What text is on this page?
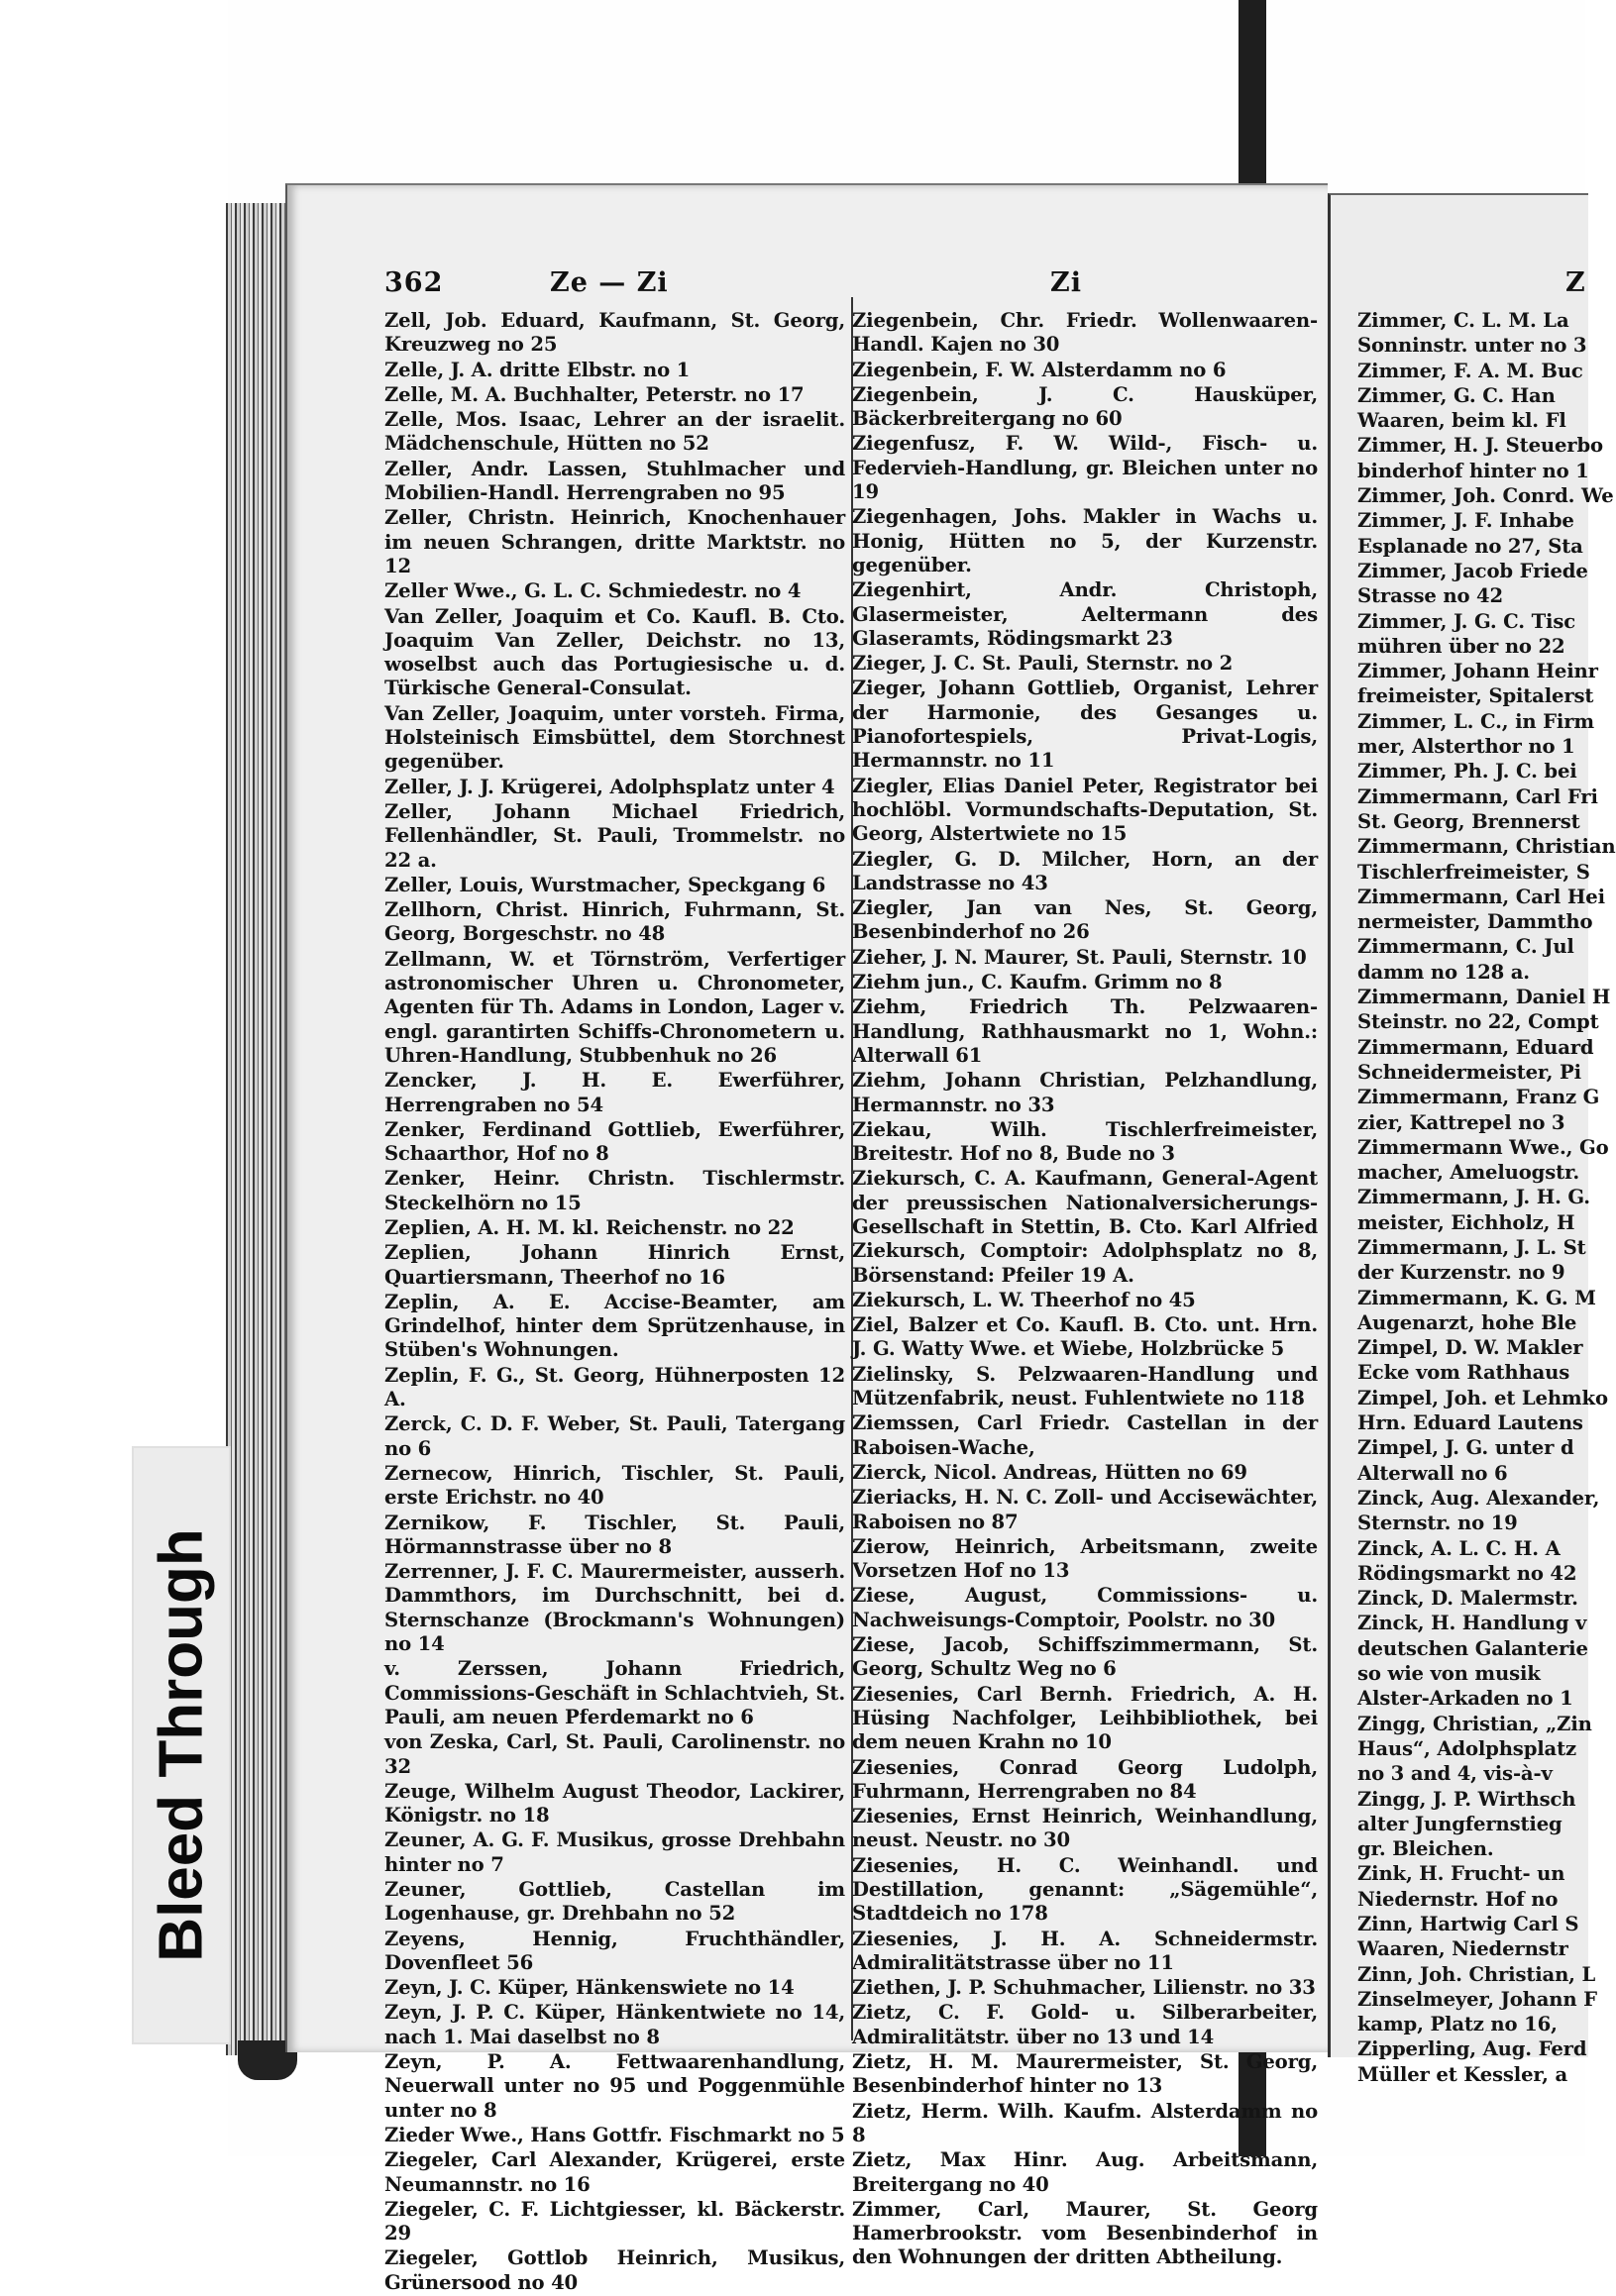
362	Ze — Zi	Zi	Z
Zell, Job. Eduard, Kaufmann, St. Georg, Kreuzweg no 25
Zelle, J. A. dritte Elbstr. no 1
Zelle, M. A. Buchhalter, Peterstr. no 17
Zelle, Mos. Isaac, Lehrer an der israelit. Mädchenschule, Hütten no 52
Zeller, Andr. Lassen, Stuhlmacher und Mobilien-Handl. Herrengraben no 95
Zeller, Christn. Heinrich, Knochenhauer im neuen Schrangen, dritte Marktstr. no 12
Zeller Wwe., G. L. C. Schmiedestr. no 4
Van Zeller, Joaquim et Co. Kaufl. B. Cto. Joaquim Van Zeller, Deichstr. no 13, woselbst auch das Portugiesische u. d. Türkische General-Consulat.
Van Zeller, Joaquim, unter vorsteh. Firma, Holsteinisch Eimsbüttel, dem Storchnest gegenüber.
Zeller, J. J. Krügerei, Adolphsplatz unter 4
Zeller, Johann Michael Friedrich, Fellenhändler, St. Pauli, Trommelstr. no 22 a.
Zeller, Louis, Wurstmacher, Speckgang 6
Zellhorn, Christ. Hinrich, Fuhrmann, St. Georg, Borgeschstr. no 48
Zellmann, W. et Törnström, Verfertiger astronomischer Uhren u. Chronometer, Agenten für Th. Adams in London, Lager v. engl. garantirten Schiffs-Chronometern u. Uhren-Handlung, Stubbenhuk no 26
Zencker, J. H. E. Ewerführer, Herrengraben no 54
Zenker, Ferdinand Gottlieb, Ewerführer, Schaarthor, Hof no 8
Zenker, Heinr. Christn. Tischlermstr. Steckelhörn no 15
Zeplien, A. H. M. kl. Reichenstr. no 22
Zeplien, Johann Hinrich Ernst, Quartiersmann, Theerhof no 16
Zeplin, A. E. Accise-Beamter, am Grindelhof, hinter dem Sprützenhause, in Stüben's Wohnungen.
Zeplin, F. G., St. Georg, Hühnerposten 12 A.
Zerck, C. D. F. Weber, St. Pauli, Tatergang no 6
Zernecow, Hinrich, Tischler, St. Pauli, erste Erichstr. no 40
Zernikow, F. Tischler, St. Pauli, Hörmannstrasse über no 8
Zerrenner, J. F. C. Maurermeister, ausserh. Dammthors, im Durchschnitt, bei d. Sternschanze (Brockmann's Wohnungen) no 14
v. Zerssen, Johann Friedrich, Commissions-Geschäft in Schlachtvieh, St. Pauli, am neuen Pferdemarkt no 6
von Zeska, Carl, St. Pauli, Carolinenstr. no 32
Zeuge, Wilhelm August Theodor, Lackirer, Königstr. no 18
Zeuner, A. G. F. Musikus, grosse Drehbahn hinter no 7
Zeuner, Gottlieb, Castellan im Logenhause, gr. Drehbahn no 52
Zeyens, Hennig, Fruchthändler, Dovenfleet 56
Zeyn, J. C. Küper, Hänkenswiete no 14
Zeyn, J. P. C. Küper, Hänkentwiete no 14, nach 1. Mai daselbst no 8
Zeyn, P. A. Fettwaarenhandlung, Neuerwall unter no 95 und Poggenmühle unter no 8
Zieder Wwe., Hans Gottfr. Fischmarkt no 5
Ziegeler, Carl Alexander, Krügerei, erste Neumannstr. no 16
Ziegeler, C. F. Lichtgiesser, kl. Bäckerstr. 29
Ziegeler, Gottlob Heinrich, Musikus, Grünersood no 40
Ziegenbein, Chr. Friedr. Wollenwaaren-Handl. Kajen no 30
Ziegenbein, F. W. Alsterdamm no 6
Ziegenbein, J. C. Hausküper, Bäckerbreitergang no 60
Ziegenfusz, F. W. Wild-, Fisch- u. Federvieh-Handlung, gr. Bleichen unter no 19
Ziegenhagen, Johs. Makler in Wachs u. Honig, Hütten no 5, der Kurzenstr. gegenüber.
Ziegenhirt, Andr. Christoph, Glasermeister, Aeltermann des Glaseramts, Rödingsmarkt 23
Zieger, J. C. St. Pauli, Sternstr. no 2
Zieger, Johann Gottlieb, Organist, Lehrer der Harmonie, des Gesanges u. Pianofortespiels, Privat-Logis, Hermannstr. no 11
Ziegler, Elias Daniel Peter, Registrator bei hochlöbl. Vormundschafts-Deputation, St. Georg, Alstertwiete no 15
Ziegler, G. D. Milcher, Horn, an der Landstrasse no 43
Ziegler, Jan van Nes, St. Georg, Besenbinderhof no 26
Zieher, J. N. Maurer, St. Pauli, Sternstr. 10
Ziehm jun., C. Kaufm. Grimm no 8
Ziehm, Friedrich Th. Pelzwaaren-Handlung, Rathhausmarkt no 1, Wohn.: Alterwall 61
Ziehm, Johann Christian, Pelzhandlung, Hermannstr. no 33
Ziekau, Wilh. Tischlerfreimeister, Breitestr. Hof no 8, Bude no 3
Ziekursch, C. A. Kaufmann, General-Agent der preussischen Nationalversicherungs-Gesellschaft in Stettin, B. Cto. Karl Alfried Ziekursch, Comptoir: Adolphsplatz no 8, Börsenstand: Pfeiler 19 A.
Ziekursch, L. W. Theerhof no 45
Ziel, Balzer et Co. Kaufl. B. Cto. unt. Hrn. J. G. Watty Wwe. et Wiebe, Holzbrücke 5
Zielinsky, S. Pelzwaaren-Handlung und Mützenfabrik, neust. Fuhlentwiete no 118
Ziemssen, Carl Friedr. Castellan in der Raboisen-Wache,
Zierck, Nicol. Andreas, Hütten no 69
Zieriacks, H. N. C. Zoll- und Accisewächter, Raboisen no 87
Zierow, Heinrich, Arbeitsmann, zweite Vorsetzen Hof no 13
Ziese, August, Commissions- u. Nachweisungs-Comptoir, Poolstr. no 30
Ziese, Jacob, Schiffszimmermann, St. Georg, Schultz Weg no 6
Ziesenies, Carl Bernh. Friedrich, A. H. Hüsing Nachfolger, Leihbibliothek, bei dem neuen Krahn no 10
Ziesenies, Conrad Georg Ludolph, Fuhrmann, Herrengraben no 84
Ziesenies, Ernst Heinrich, Weinhandlung, neust. Neustr. no 30
Ziesenies, H. C. Weinhandl. und Destillation, genannt: „Sägemühle“, Stadtdeich no 178
Ziesenies, J. H. A. Schneidermstr. Admiralitätstrasse über no 11
Ziethen, J. P. Schuhmacher, Lilienstr. no 33
Zietz, C. F. Gold- u. Silberarbeiter, Admiralitätstr. über no 13 und 14
Zietz, H. M. Maurermeister, St. Georg, Besenbinderhof hinter no 13
Zietz, Herm. Wilh. Kaufm. Alsterdamm no 8
Zietz, Max Hinr. Aug. Arbeitsmann, Breitergang no 40
Zimmer, Carl, Maurer, St. Georg Hamerbrookstr. vom Besenbinderhof in den Wohnungen der dritten Abtheilung.
Zimmer, C. L. M. La
Sonninstr. unter no 3
Zimmer, F. A. M. Buc
Zimmer, G. C. Han
Waaren, beim kl. Fl
Zimmer, H. J. Steuerbo
binderhof hinter no 1
Zimmer, Joh. Conrd. We
Zimmer, J. F. Inhabe
Esplanade no 27, Sta
Zimmer, Jacob Friede
Strasse no 42
Zimmer, J. G. C. Tisc
mühren über no 22
Zimmer, Johann Heinr
freimeister, Spitalerst
Zimmer, L. C., in Firm
mer, Alsterthor no 1
Zimmer, Ph. J. C. bei
Zimmermann, Carl Fri
St. Georg, Brennerst
Zimmermann, Christian
Tischlerfreimeister, S
Zimmermann, Carl Hei
nermeister, Dammtho
Zimmermann, C. Jul
damm no 128 a.
Zimmermann, Daniel H
Steinstr. no 22, Compt
Zimmermann, Eduard
Schneidermeister, Pi
Zimmermann, Franz G
zier, Kattrepel no 3
Zimmermann Wwe., Go
macher, Ameluogstr.
Zimmermann, J. H. G.
meister, Eichholz, H
Zimmermann, J. L. St
der Kurzenstr. no 9
Zimmermann, K. G. M
Augenarzt, hohe Ble
Zimpel, D. W. Makler
Ecke vom Rathhaus
Zimpel, Joh. et Lehmko
Hrn. Eduard Lautens
Zimpel, J. G. unter d
Alterwall no 6
Zinck, Aug. Alexander,
Sternstr. no 19
Zinck, A. L. C. H. A
Rödingsmarkt no 42
Zinck, D. Malermstr.
Zinck, H. Handlung v
deutschen Galanterie
so wie von musik
Alster-Arkaden no 1
Zingg, Christian, „Zin
Haus“, Adolphsplatz
no 3 and 4, vis-à-v
Zingg, J. P. Wirthsch
alter Jungfernstieg
gr. Bleichen.
Zink, H. Frucht- un
Niedernstr. Hof no
Zinn, Hartwig Carl S
Waaren, Niedernstr
Zinn, Joh. Christian, L
Zinselmeyer, Johann F
kamp, Platz no 16,
Zipperling, Aug. Ferd
Müller et Kessler, a
Bleed Through
